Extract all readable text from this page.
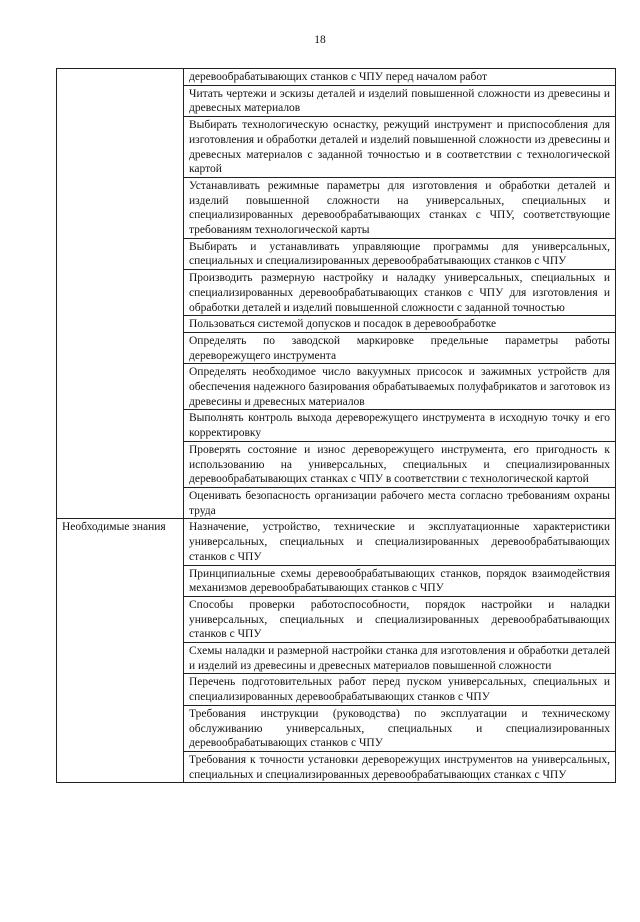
18
	деревообрабатывающих станков с ЧПУ перед началом работ
	Читать чертежи и эскизы деталей и изделий повышенной сложности из древесины и древесных материалов
	Выбирать технологическую оснастку, режущий инструмент и приспособления для изготовления и обработки деталей и изделий повышенной сложности из древесины и древесных материалов с заданной точностью и в соответствии с технологической картой
	Устанавливать режимные параметры для изготовления и обработки деталей и изделий повышенной сложности на универсальных, специальных и специализированных деревообрабатывающих станках с ЧПУ, соответствующие требованиям технологической карты
	Выбирать и устанавливать управляющие программы для универсальных, специальных и специализированных деревообрабатывающих станков с ЧПУ
	Производить размерную настройку и наладку универсальных, специальных и специализированных деревообрабатывающих станков с ЧПУ для изготовления и обработки деталей и изделий повышенной сложности с заданной точностью
	Пользоваться системой допусков и посадок в деревообработке
	Определять по заводской маркировке предельные параметры работы дереворежущего инструмента
	Определять необходимое число вакуумных присосок и зажимных устройств для обеспечения надежного базирования обрабатываемых полуфабрикатов и заготовок из древесины и древесных материалов
	Выполнять контроль выхода дереворежущего инструмента в исходную точку и его корректировку
	Проверять состояние и износ дереворежущего инструмента, его пригодность к использованию на универсальных, специальных и специализированных деревообрабатывающих станках с ЧПУ в соответствии с технологической картой
	Оценивать безопасность организации рабочего места согласно требованиям охраны труда
Необходимые знания	Назначение, устройство, технические и эксплуатационные характеристики универсальных, специальных и специализированных деревообрабатывающих станков с ЧПУ
	Принципиальные схемы деревообрабатывающих станков, порядок взаимодействия механизмов деревообрабатывающих станков с ЧПУ
	Способы проверки работоспособности, порядок настройки и наладки универсальных, специальных и специализированных деревообрабатывающих станков с ЧПУ
	Схемы наладки и размерной настройки станка для изготовления и обработки деталей и изделий из древесины и древесных материалов повышенной сложности
	Перечень подготовительных работ перед пуском универсальных, специальных и специализированных деревообрабатывающих станков с ЧПУ
	Требования инструкции (руководства) по эксплуатации и техническому обслуживанию универсальных, специальных и специализированных деревообрабатывающих станков с ЧПУ
	Требования к точности установки дереворежущих инструментов на универсальных, специальных и специализированных деревообрабатывающих станках с ЧПУ
